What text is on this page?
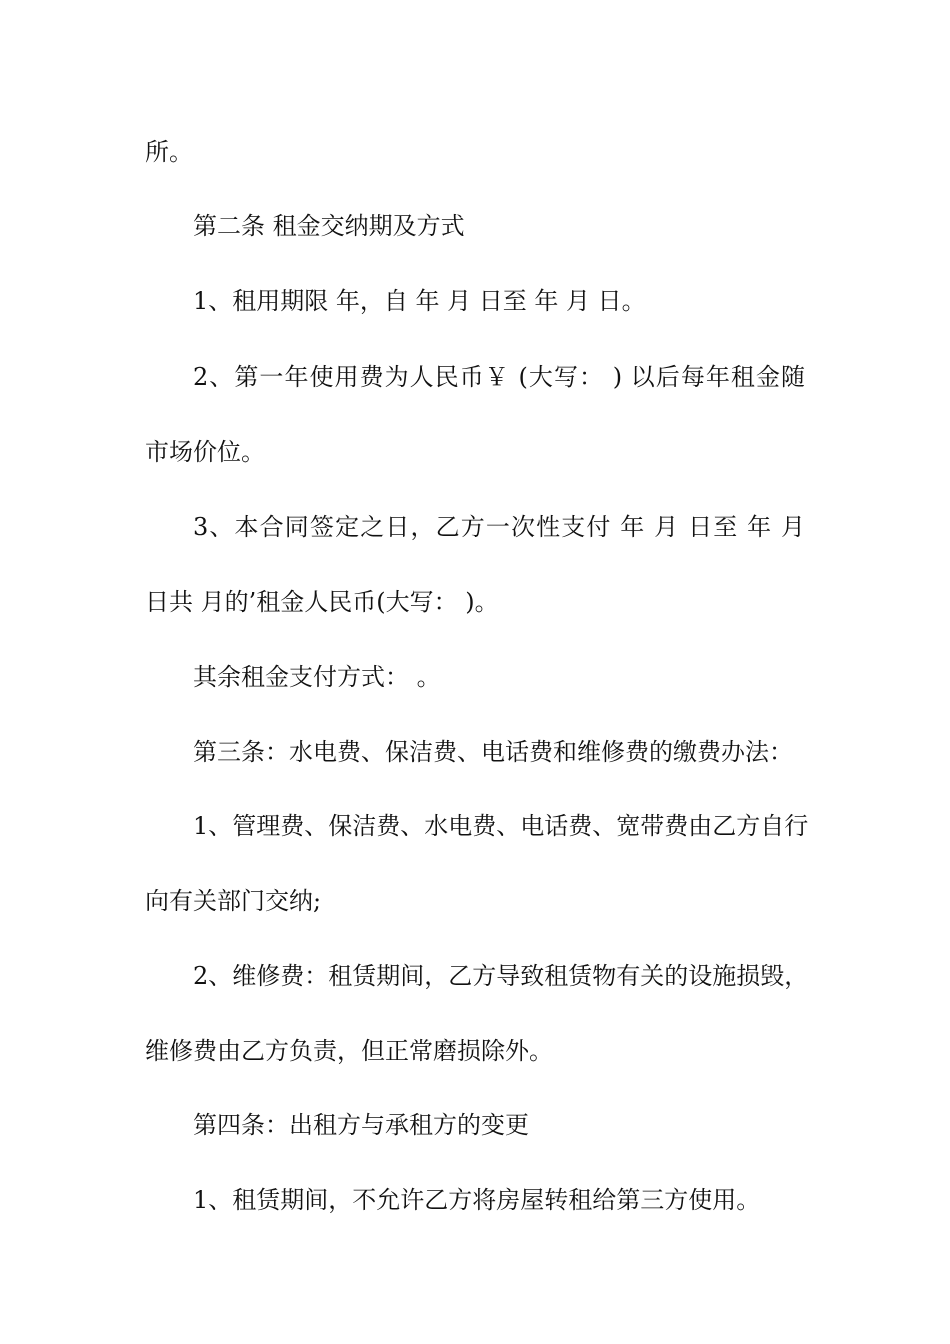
所。
第二条 租金交纳期及方式
1、租用期限 年，自 年 月 日至 年 月 日。
2、第一年使用费为人民币￥ (大写： ) 以后每年租金随
市场价位。
3、本合同签定之日，乙方一次性支付 年 月 日至 年 月
日共 月的’租金人民币(大写： )。
其余租金支付方式： 。
第三条：水电费、保洁费、电话费和维修费的缴费办法：
1、管理费、保洁费、水电费、电话费、宽带费由乙方自行
向有关部门交纳;
2、维修费：租赁期间，乙方导致租赁物有关的设施损毁，
维修费由乙方负责，但正常磨损除外。
第四条：出租方与承租方的变更
1、租赁期间，不允许乙方将房屋转租给第三方使用。
